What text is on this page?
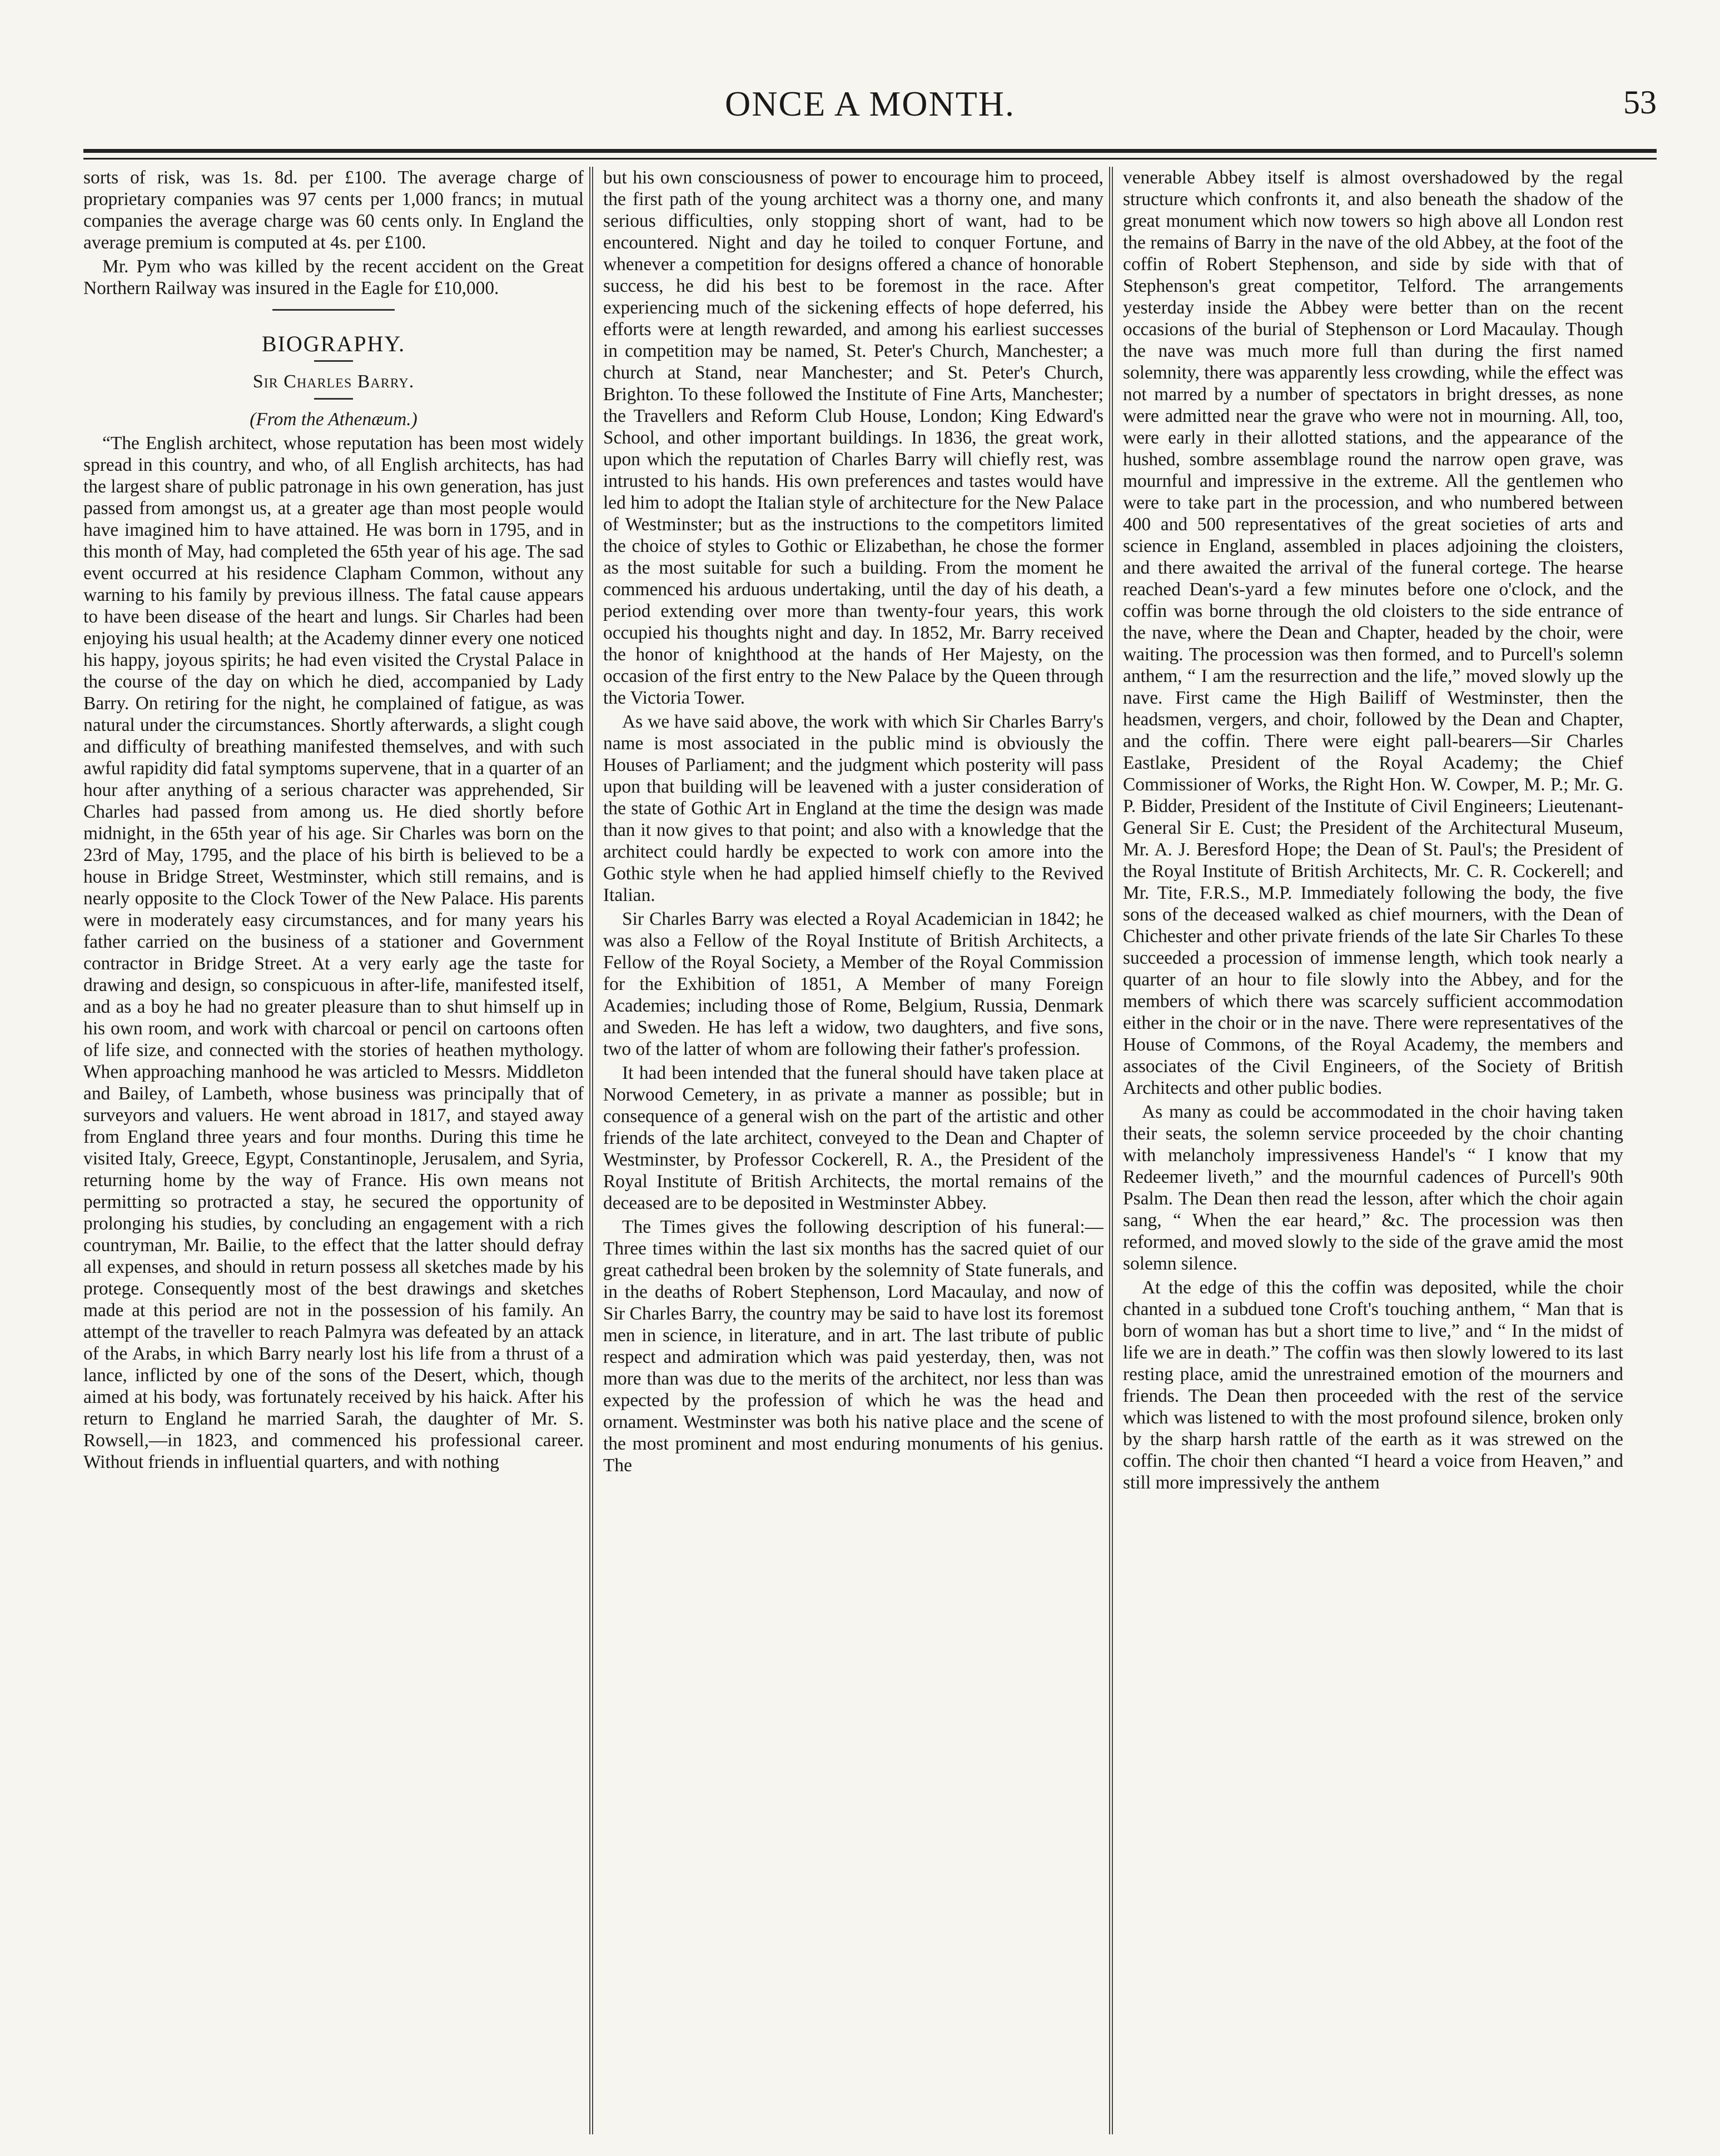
ONCE A MONTH.	53

sorts of risk, was 1s. 8d. per £100. The average charge of proprietary companies was 97 cents per 1,000 francs; in mutual companies the average charge was 60 cents only. In England the average premium is computed at 4s. per £100.

Mr. Pym who was killed by the recent accident on the Great Northern Railway was insured in the Eagle for £10,000.

BIOGRAPHY.
Sir Charles Barry.
(From the Athenæum.)

“The English architect, whose reputation has been most widely spread in this country, and who, of all English architects, has had the largest share of public patronage in his own generation, has just passed from amongst us, at a greater age than most people would have imagined him to have attained. He was born in 1795, and in this month of May, had completed the 65th year of his age. The sad event occurred at his residence Clapham Common, without any warning to his family by previous illness. The fatal cause appears to have been disease of the heart and lungs. Sir Charles had been enjoying his usual health; at the Academy dinner every one noticed his happy, joyous spirits; he had even visited the Crystal Palace in the course of the day on which he died, accompanied by Lady Barry. On retiring for the night, he complained of fatigue, as was natural under the circumstances. Shortly afterwards, a slight cough and difficulty of breathing manifested themselves, and with such awful rapidity did fatal symptoms supervene, that in a quarter of an hour after anything of a serious character was apprehended, Sir Charles had passed from among us. He died shortly before midnight, in the 65th year of his age. Sir Charles was born on the 23rd of May, 1795, and the place of his birth is believed to be a house in Bridge Street, Westminster, which still remains, and is nearly opposite to the Clock Tower of the New Palace. His parents were in moderately easy circumstances, and for many years his father carried on the business of a stationer and Government contractor in Bridge Street. At a very early age the taste for drawing and design, so conspicuous in after-life, manifested itself, and as a boy he had no greater pleasure than to shut himself up in his own room, and work with charcoal or pencil on cartoons often of life size, and connected with the stories of heathen mythology. When approaching manhood he was articled to Messrs. Middleton and Bailey, of Lambeth, whose business was principally that of surveyors and valuers. He went abroad in 1817, and stayed away from England three years and four months. During this time he visited Italy, Greece, Egypt, Constantinople, Jerusalem, and Syria, returning home by the way of France. His own means not permitting so protracted a stay, he secured the opportunity of prolonging his studies, by concluding an engagement with a rich countryman, Mr. Bailie, to the effect that the latter should defray all expenses, and should in return possess all sketches made by his protege. Consequently most of the best drawings and sketches made at this period are not in the possession of his family. An attempt of the traveller to reach Palmyra was defeated by an attack of the Arabs, in which Barry nearly lost his life from a thrust of a lance, inflicted by one of the sons of the Desert, which, though aimed at his body, was fortunately received by his haick. After his return to England he married Sarah, the daughter of Mr. S. Rowsell,—in 1823, and commenced his professional career. Without friends in influential quarters, and with nothing

but his own consciousness of power to encourage him to proceed, the first path of the young architect was a thorny one, and many serious difficulties, only stopping short of want, had to be encountered. Night and day he toiled to conquer Fortune, and whenever a competition for designs offered a chance of honorable success, he did his best to be foremost in the race. After experiencing much of the sickening effects of hope deferred, his efforts were at length rewarded, and among his earliest successes in competition may be named, St. Peter's Church, Manchester; a church at Stand, near Manchester; and St. Peter's Church, Brighton. To these followed the Institute of Fine Arts, Manchester; the Travellers and Reform Club House, London; King Edward's School, and other important buildings. In 1836, the great work, upon which the reputation of Charles Barry will chiefly rest, was intrusted to his hands. His own preferences and tastes would have led him to adopt the Italian style of architecture for the New Palace of Westminster; but as the instructions to the competitors limited the choice of styles to Gothic or Elizabethan, he chose the former as the most suitable for such a building. From the moment he commenced his arduous undertaking, until the day of his death, a period extending over more than twenty-four years, this work occupied his thoughts night and day. In 1852, Mr. Barry received the honor of knighthood at the hands of Her Majesty, on the occasion of the first entry to the New Palace by the Queen through the Victoria Tower.

As we have said above, the work with which Sir Charles Barry's name is most associated in the public mind is obviously the Houses of Parliament; and the judgment which posterity will pass upon that building will be leavened with a juster consideration of the state of Gothic Art in England at the time the design was made than it now gives to that point; and also with a knowledge that the architect could hardly be expected to work con amore into the Gothic style when he had applied himself chiefly to the Revived Italian.

Sir Charles Barry was elected a Royal Academician in 1842; he was also a Fellow of the Royal Institute of British Architects, a Fellow of the Royal Society, a Member of the Royal Commission for the Exhibition of 1851, A Member of many Foreign Academies; including those of Rome, Belgium, Russia, Denmark and Sweden. He has left a widow, two daughters, and five sons, two of the latter of whom are following their father's profession.

It had been intended that the funeral should have taken place at Norwood Cemetery, in as private a manner as possible; but in consequence of a general wish on the part of the artistic and other friends of the late architect, conveyed to the Dean and Chapter of Westminster, by Professor Cockerell, R. A., the President of the Royal Institute of British Architects, the mortal remains of the deceased are to be deposited in Westminster Abbey.

The Times gives the following description of his funeral:—Three times within the last six months has the sacred quiet of our great cathedral been broken by the solemnity of State funerals, and in the deaths of Robert Stephenson, Lord Macaulay, and now of Sir Charles Barry, the country may be said to have lost its foremost men in science, in literature, and in art. The last tribute of public respect and admiration which was paid yesterday, then, was not more than was due to the merits of the architect, nor less than was expected by the profession of which he was the head and ornament. Westminster was both his native place and the scene of the most prominent and most enduring monuments of his genius. The

venerable Abbey itself is almost overshadowed by the regal structure which confronts it, and also beneath the shadow of the great monument which now towers so high above all London rest the remains of Barry in the nave of the old Abbey, at the foot of the coffin of Robert Stephenson, and side by side with that of Stephenson's great competitor, Telford. The arrangements yesterday inside the Abbey were better than on the recent occasions of the burial of Stephenson or Lord Macaulay. Though the nave was much more full than during the first named solemnity, there was apparently less crowding, while the effect was not marred by a number of spectators in bright dresses, as none were admitted near the grave who were not in mourning. All, too, were early in their allotted stations, and the appearance of the hushed, sombre assemblage round the narrow open grave, was mournful and impressive in the extreme. All the gentlemen who were to take part in the procession, and who numbered between 400 and 500 representatives of the great societies of arts and science in England, assembled in places adjoining the cloisters, and there awaited the arrival of the funeral cortege. The hearse reached Dean's-yard a few minutes before one o'clock, and the coffin was borne through the old cloisters to the side entrance of the nave, where the Dean and Chapter, headed by the choir, were waiting. The procession was then formed, and to Purcell's solemn anthem, “ I am the resurrection and the life,” moved slowly up the nave. First came the High Bailiff of Westminster, then the headsmen, vergers, and choir, followed by the Dean and Chapter, and the coffin. There were eight pall-bearers—Sir Charles Eastlake, President of the Royal Academy; the Chief Commissioner of Works, the Right Hon. W. Cowper, M. P.; Mr. G. P. Bidder, President of the Institute of Civil Engineers; Lieutenant-General Sir E. Cust; the President of the Architectural Museum, Mr. A. J. Beresford Hope; the Dean of St. Paul's; the President of the Royal Institute of British Architects, Mr. C. R. Cockerell; and Mr. Tite, F.R.S., M.P. Immediately following the body, the five sons of the deceased walked as chief mourners, with the Dean of Chichester and other private friends of the late Sir Charles To these succeeded a procession of immense length, which took nearly a quarter of an hour to file slowly into the Abbey, and for the members of which there was scarcely sufficient accommodation either in the choir or in the nave. There were representatives of the House of Commons, of the Royal Academy, the members and associates of the Civil Engineers, of the Society of British Architects and other public bodies.

As many as could be accommodated in the choir having taken their seats, the solemn service proceeded by the choir chanting with melancholy impressiveness Handel's “ I know that my Redeemer liveth,” and the mournful cadences of Purcell's 90th Psalm. The Dean then read the lesson, after which the choir again sang, “ When the ear heard,” &c. The procession was then reformed, and moved slowly to the side of the grave amid the most solemn silence.

At the edge of this the coffin was deposited, while the choir chanted in a subdued tone Croft's touching anthem, “ Man that is born of woman has but a short time to live,” and “ In the midst of life we are in death.” The coffin was then slowly lowered to its last resting place, amid the unrestrained emotion of the mourners and friends. The Dean then proceeded with the rest of the service which was listened to with the most profound silence, broken only by the sharp harsh rattle of the earth as it was strewed on the coffin. The choir then chanted “I heard a voice from Heaven,” and still more impressively the anthem
